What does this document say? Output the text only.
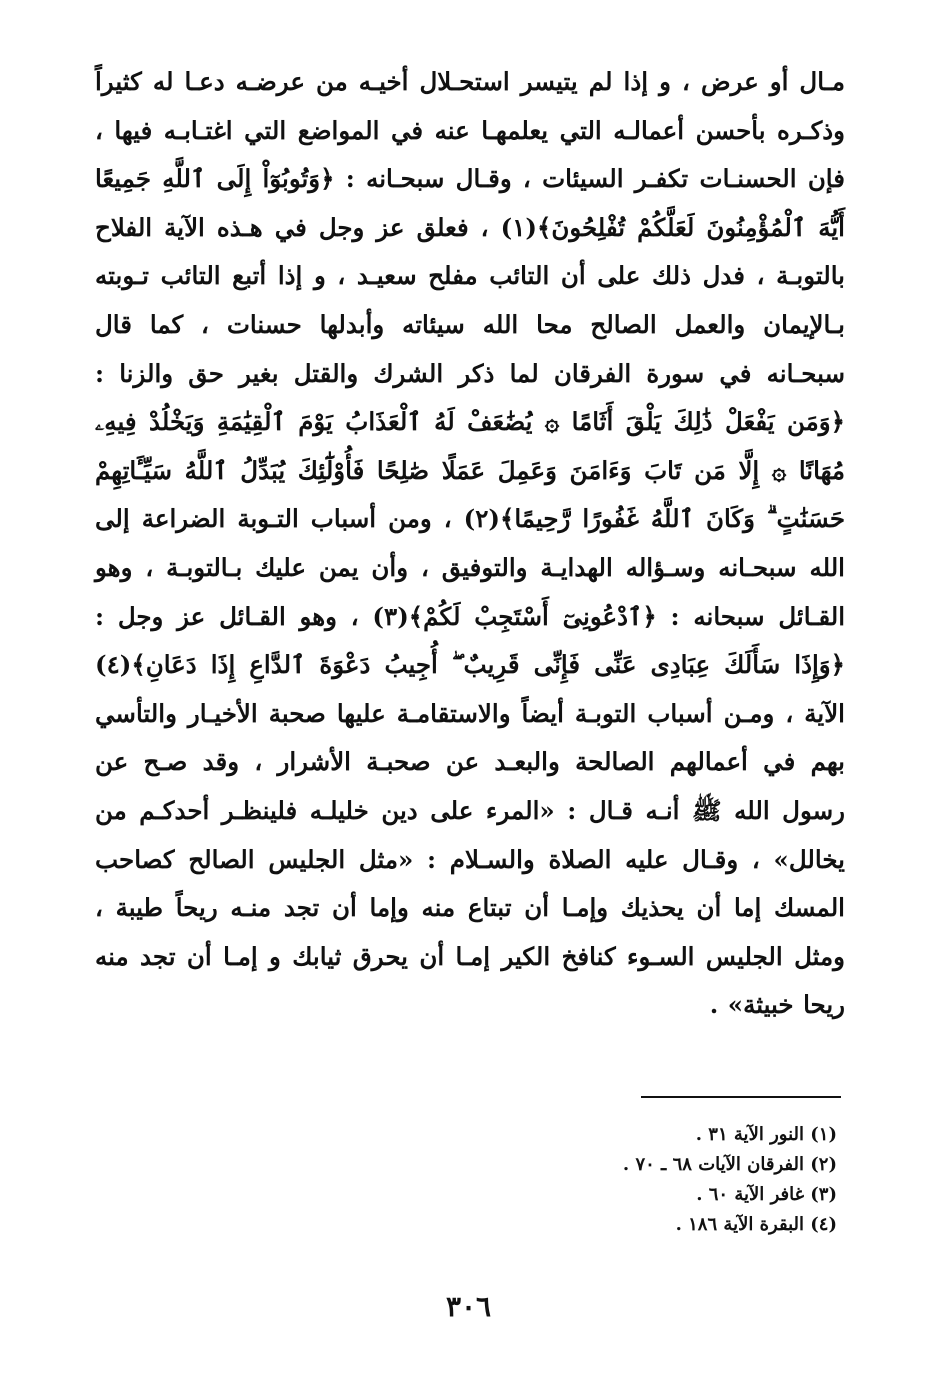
مـال أو عرض ، و إذا لم يتيسر استحـلال أخيـه من عرضـه دعـا له كثيراً وذكـره بأحسن أعمالـه التي يعلمهـا عنه في المواضع التي اغتـابـه فيها ، فإن الحسنـات تكفـر السيئات ، وقـال سبحـانه : ﴿وَتُوبُوٓاْ إِلَى ٱللَّهِ جَمِيعًا أَيُّهَ ٱلْمُؤْمِنُونَ لَعَلَّكُمْ تُفْلِحُونَ﴾(١) ، فعلق عز وجل في هـذه الآية الفلاح بالتوبـة ، فدل ذلك على أن التائب مفلح سعيـد ، و إذا أتبع التائب تـوبته بـالإيمان والعمل الصالح محا الله سيئاته وأبدلها حسنات ، كما قال سبحـانه في سورة الفرقان لما ذكر الشرك والقتل بغير حق والزنا : ﴿وَمَن يَفْعَلْ ذَٰلِكَ يَلْقَ أَثَامًا ۞ يُضَٰعَفْ لَهُ ٱلْعَذَابُ يَوْمَ ٱلْقِيَٰمَةِ وَيَخْلُدْ فِيهِۦ مُهَانًا ۞ إِلَّا مَن تَابَ وَءَامَنَ وَعَمِلَ عَمَلًا صَٰلِحًا فَأُوْلَٰٓئِكَ يُبَدِّلُ ٱللَّهُ سَيِّـَٔاتِهِمْ حَسَنَٰتٍ ۗ وَكَانَ ٱللَّهُ غَفُورًا رَّحِيمًا﴾(٢) ، ومن أسباب التـوبة الضراعة إلى الله سبحـانه وسـؤاله الهدايـة والتوفيق ، وأن يمن عليك بـالتوبـة ، وهو القـائل سبحانه : ﴿ٱدْعُونِىٓ أَسْتَجِبْ لَكُمْ﴾(٣) ، وهو القـائل عز وجل : ﴿وَإِذَا سَأَلَكَ عِبَادِى عَنِّى فَإِنِّى قَرِيبٌ ۖ أُجِيبُ دَعْوَةَ ٱلدَّاعِ إِذَا دَعَانِ﴾(٤) الآية ، ومـن أسباب التوبـة أيضاً والاستقامـة عليها صحبة الأخيـار والتأسي بهم في أعمالهم الصالحة والبعـد عن صحبـة الأشرار ، وقد صـح عن رسول الله ﷺ أنـه قـال : «المرء على دين خليلـه فلينظـر أحدكـم من يخالل» ، وقـال عليه الصلاة والسـلام : «مثل الجليس الصالح كصاحب المسك إما أن يحذيك وإمـا أن تبتاع منه وإما أن تجد منـه ريحاً طيبة ، ومثل الجليس السـوء كنافخ الكير إمـا أن يحرق ثيابك و إمـا أن تجد منه ريحا خبيثة» .

(١) النور الآية ٣١ .
(٢) الفرقان الآيات ٦٨ ـ ٧٠ .
(٣) غافر الآية ٦٠ .
(٤) البقرة الآية ١٨٦ .
٣٠٦
